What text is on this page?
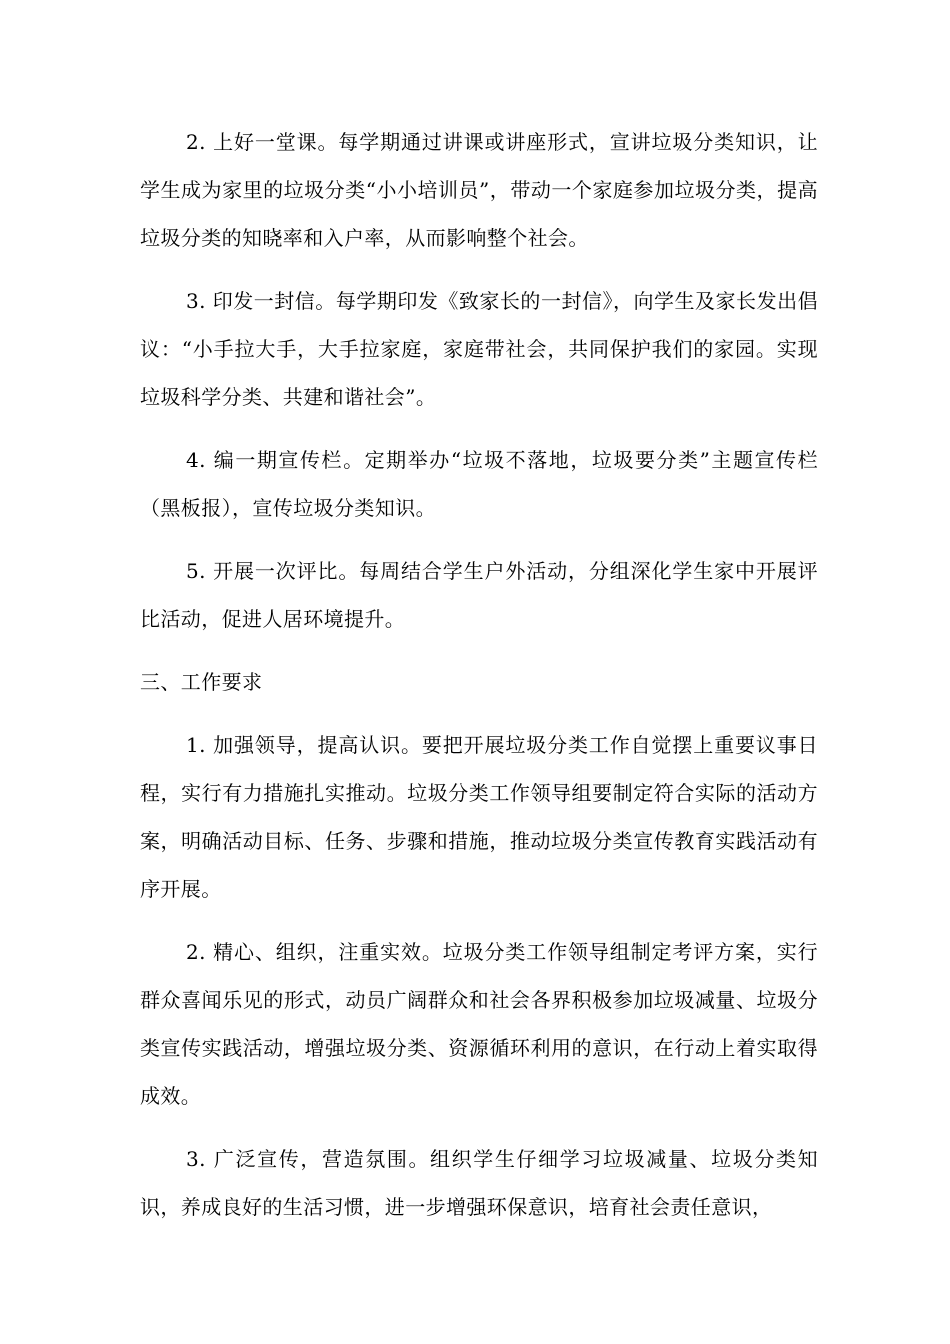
2. 上好一堂课。每学期通过讲课或讲座形式，宣讲垃圾分类知识，让学生成为家里的垃圾分类“小小培训员”，带动一个家庭参加垃圾分类，提高垃圾分类的知晓率和入户率，从而影响整个社会。

3. 印发一封信。每学期印发《致家长的一封信》，向学生及家长发出倡议：“小手拉大手，大手拉家庭，家庭带社会，共同保护我们的家园。实现垃圾科学分类、共建和谐社会”。

4. 编一期宣传栏。定期举办“垃圾不落地，垃圾要分类”主题宣传栏（黑板报），宣传垃圾分类知识。

5. 开展一次评比。每周结合学生户外活动，分组深化学生家中开展评比活动，促进人居环境提升。

三、工作要求

1. 加强领导，提高认识。要把开展垃圾分类工作自觉摆上重要议事日程，实行有力措施扎实推动。垃圾分类工作领导组要制定符合实际的活动方案，明确活动目标、任务、步骤和措施，推动垃圾分类宣传教育实践活动有序开展。

2. 精心、组织，注重实效。垃圾分类工作领导组制定考评方案，实行群众喜闻乐见的形式，动员广阔群众和社会各界积极参加垃圾减量、垃圾分类宣传实践活动，增强垃圾分类、资源循环利用的意识，在行动上着实取得成效。

3. 广泛宣传，营造氛围。组织学生仔细学习垃圾减量、垃圾分类知识，养成良好的生活习惯，进一步增强环保意识，培育社会责任意识，
